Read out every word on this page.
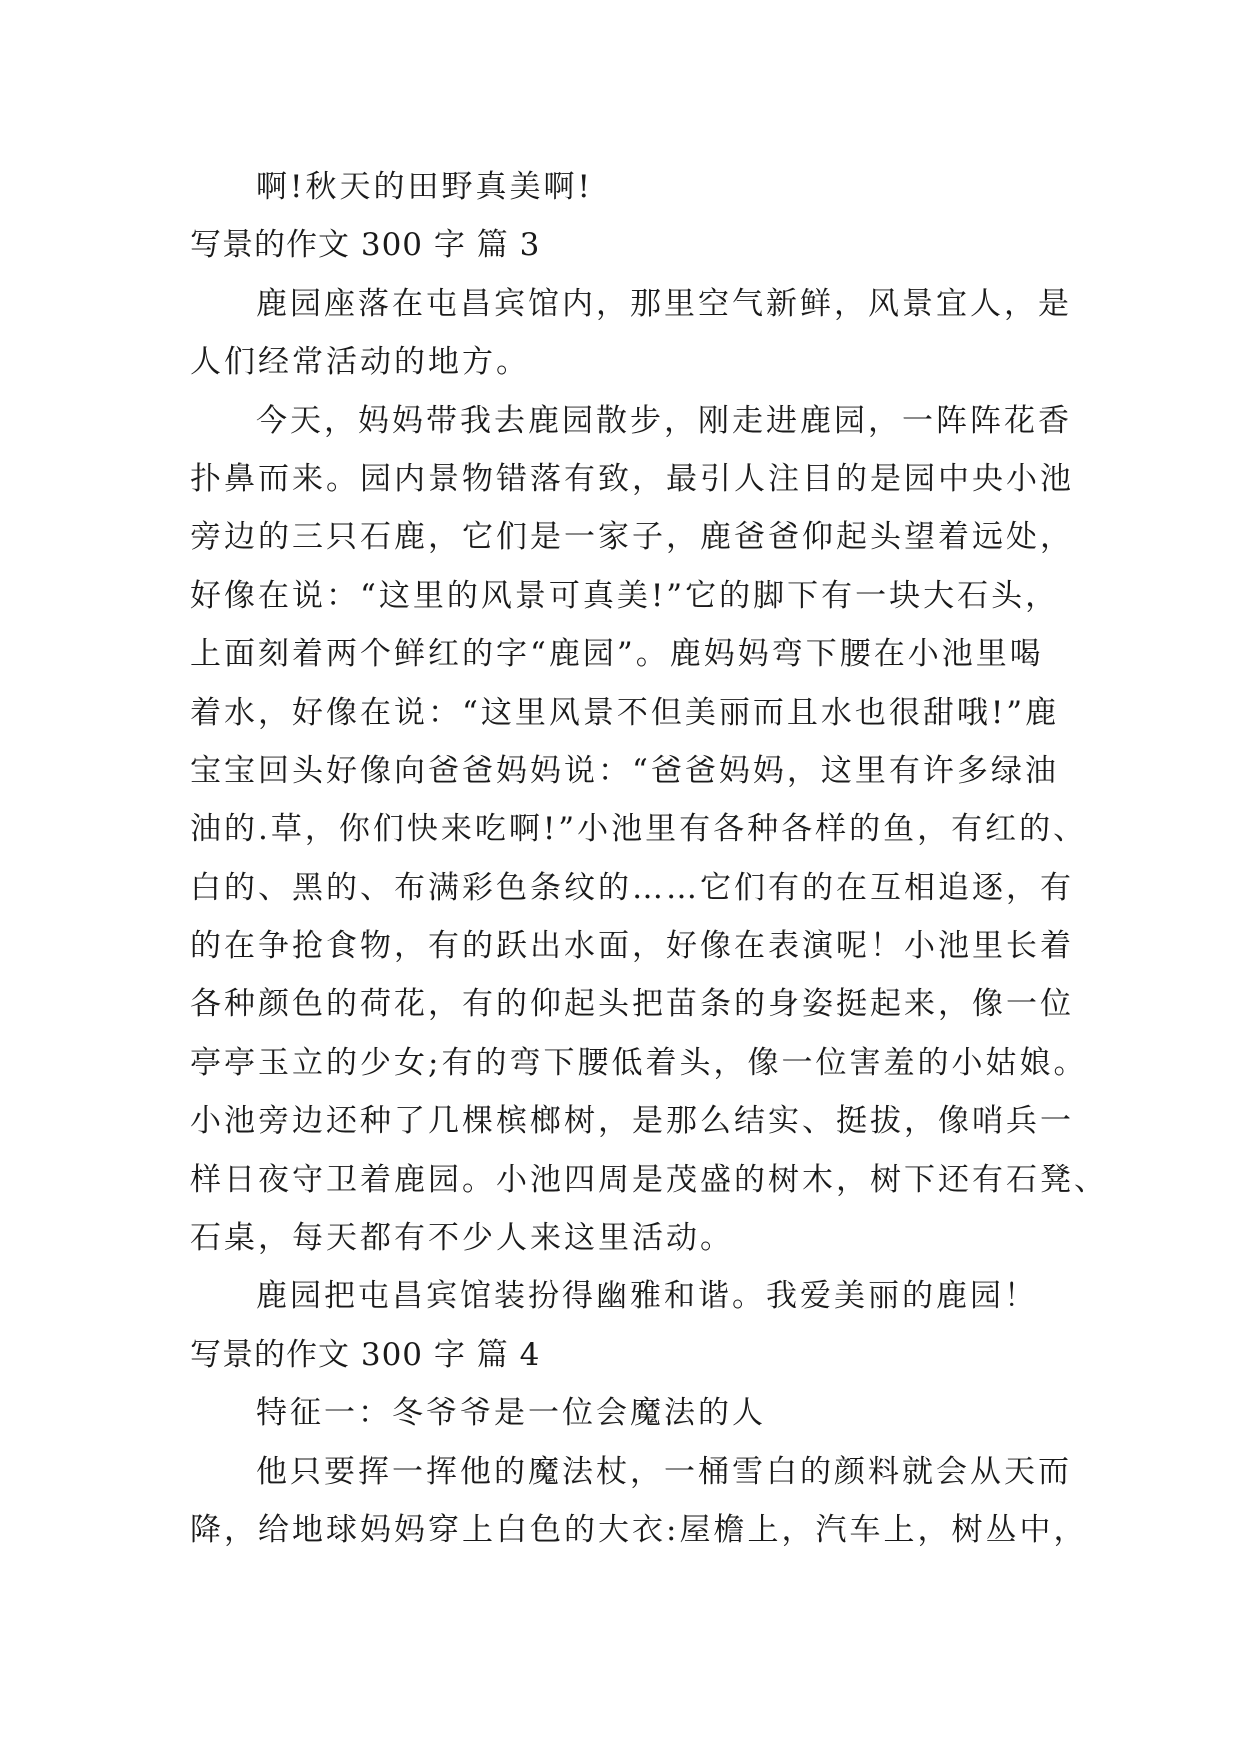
啊!秋天的田野真美啊!

写景的作文 300 字 篇 3

鹿园座落在屯昌宾馆内，那里空气新鲜，风景宜人，是

人们经常活动的地方。

今天，妈妈带我去鹿园散步，刚走进鹿园，一阵阵花香

扑鼻而来。园内景物错落有致，最引人注目的是园中央小池

旁边的三只石鹿，它们是一家子，鹿爸爸仰起头望着远处，

好像在说：“这里的风景可真美!”它的脚下有一块大石头，

上面刻着两个鲜红的字“鹿园”。鹿妈妈弯下腰在小池里喝

着水，好像在说：“这里风景不但美丽而且水也很甜哦!”鹿

宝宝回头好像向爸爸妈妈说：“爸爸妈妈，这里有许多绿油

油的.草，你们快来吃啊!”小池里有各种各样的鱼，有红的、

白的、黑的、布满彩色条纹的……它们有的在互相追逐，有

的在争抢食物，有的跃出水面，好像在表演呢！小池里长着

各种颜色的荷花，有的仰起头把苗条的身姿挺起来，像一位

亭亭玉立的少女;有的弯下腰低着头，像一位害羞的小姑娘。

小池旁边还种了几棵槟榔树，是那么结实、挺拔，像哨兵一

样日夜守卫着鹿园。小池四周是茂盛的树木，树下还有石凳、

石桌，每天都有不少人来这里活动。

鹿园把屯昌宾馆装扮得幽雅和谐。我爱美丽的鹿园！

写景的作文 300 字 篇 4

特征一：冬爷爷是一位会魔法的人

他只要挥一挥他的魔法杖，一桶雪白的颜料就会从天而

降，给地球妈妈穿上白色的大衣:屋檐上，汽车上，树丛中，
